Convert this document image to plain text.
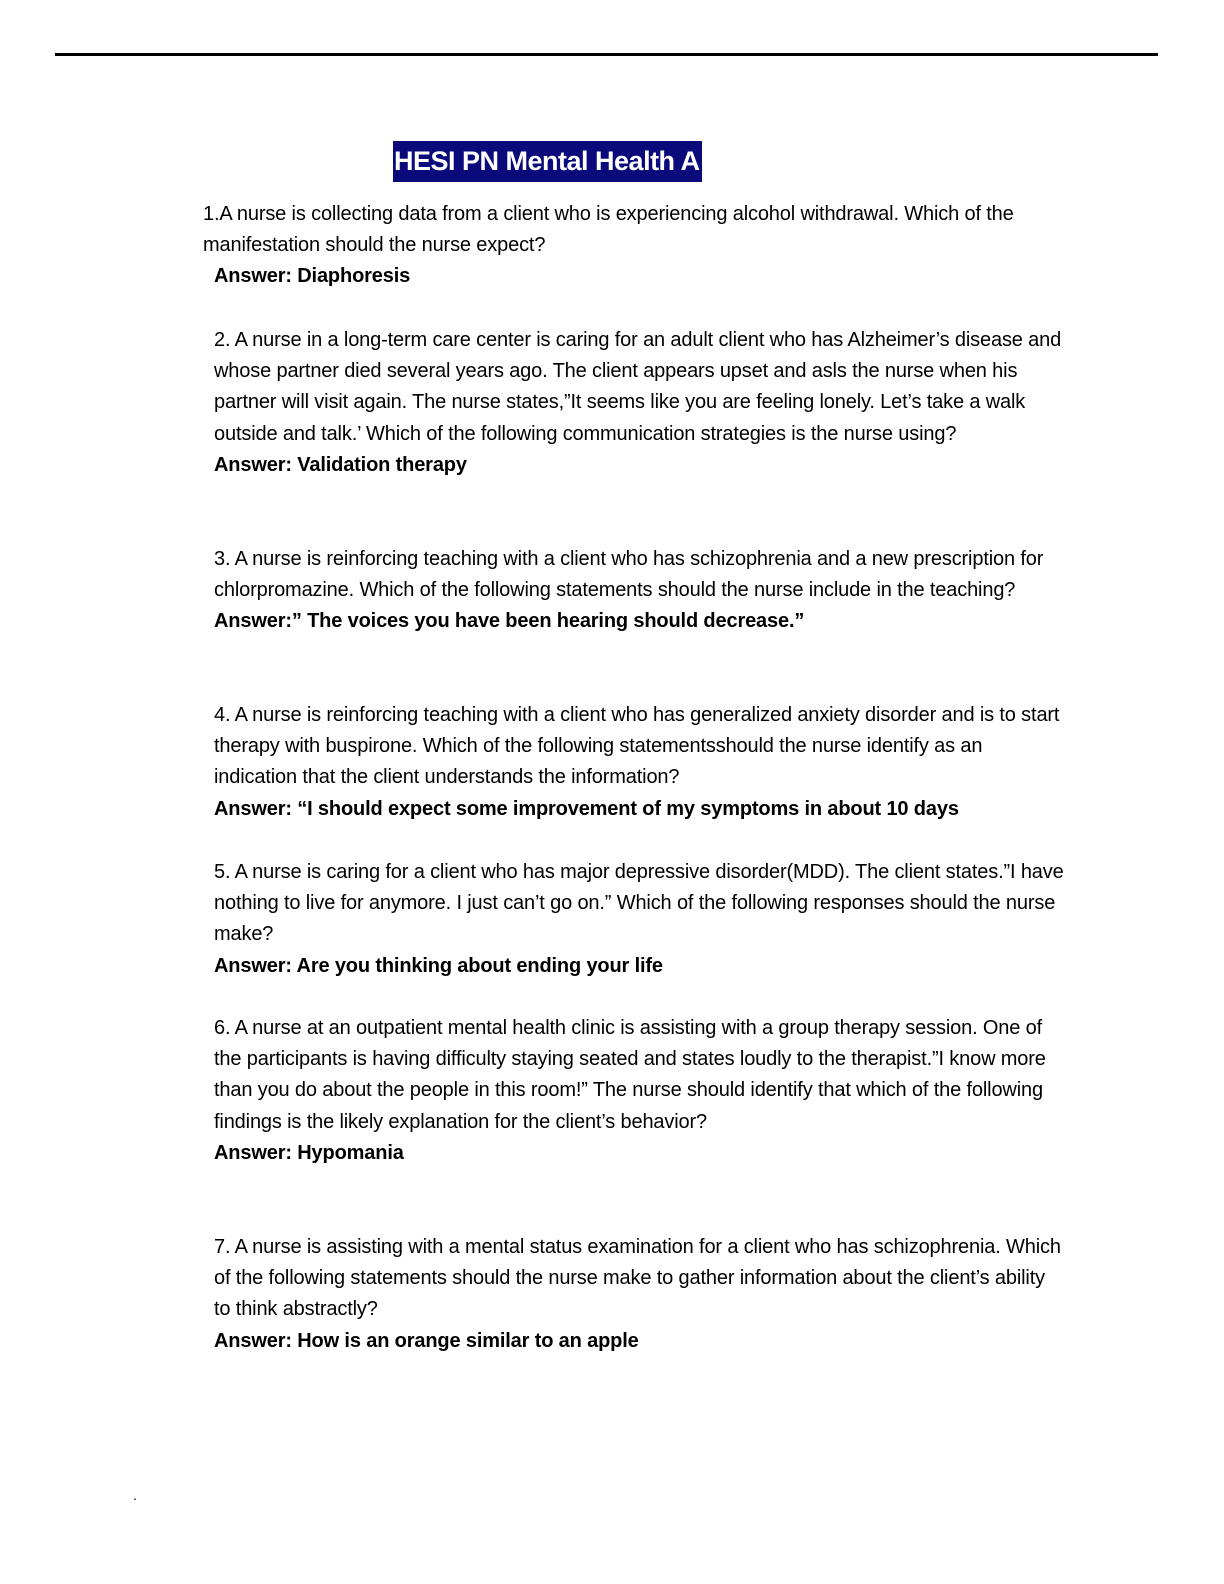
HESI PN Mental Health A
1.A nurse is collecting data from a client who is experiencing alcohol withdrawal. Which of the manifestation should the nurse expect?
Answer: Diaphoresis
2. A nurse in a long-term care center is caring for an adult client who has Alzheimer’s disease and whose partner died several years ago. The client appears upset and asls the nurse when his partner will visit again. The nurse states,”It seems like you are feeling lonely. Let’s take a walk outside and talk.’ Which of the following communication strategies is the nurse using?
Answer: Validation therapy
3. A nurse is reinforcing teaching with a client who has schizophrenia and a new prescription for chlorpromazine. Which of the following statements should the nurse include in the teaching?
Answer:” The voices you have been hearing should decrease.”
4. A nurse is reinforcing teaching with a client who has generalized anxiety disorder and is to start therapy with buspirone. Which of the following statementsshould the nurse identify as an indication that the client understands the information?
Answer: “I should expect some improvement of my symptoms in about 10 days
5. A nurse is caring for a client who has major depressive disorder(MDD). The client states.”I have nothing to live for anymore. I just can’t go on.” Which of the following responses should the nurse make?
Answer: Are you thinking about ending your life
6. A nurse at an outpatient mental health clinic is assisting with a group therapy session. One of the participants is having difficulty staying seated and states loudly to the therapist.”I know more than you do about the people in this room!” The nurse should identify that which of the following findings is the likely explanation for the client’s behavior?
Answer: Hypomania
7. A nurse is assisting with a mental status examination for a client who has schizophrenia. Which of the following statements should the nurse make to gather information about the client’s ability to think abstractly?
Answer: How is an orange similar to an apple
.
